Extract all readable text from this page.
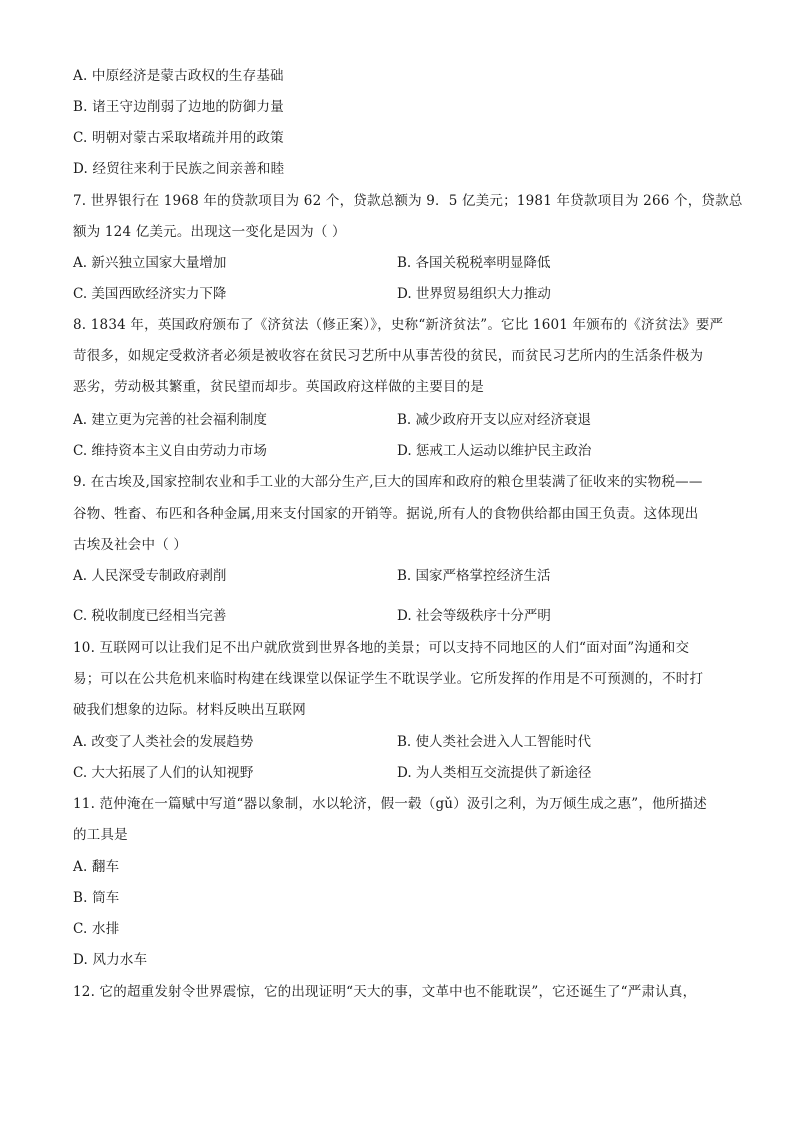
A. 中原经济是蒙古政权的生存基础
B. 诸王守边削弱了边地的防御力量
C. 明朝对蒙古采取堵疏并用的政策
D. 经贸往来利于民族之间亲善和睦
7. 世界银行在 1968 年的贷款项目为 62 个，贷款总额为 9．5 亿美元；1981 年贷款项目为 266 个，贷款总
额为 124 亿美元。出现这一变化是因为（ ）
A. 新兴独立国家大量增加	B. 各国关税税率明显降低
C. 美国西欧经济实力下降	D. 世界贸易组织大力推动
8. 1834 年，英国政府颁布了《济贫法（修正案）》，史称“新济贫法”。它比 1601 年颁布的《济贫法》要严
苛很多，如规定受救济者必须是被收容在贫民习艺所中从事苦役的贫民，而贫民习艺所内的生活条件极为
恶劣，劳动极其繁重，贫民望而却步。英国政府这样做的主要目的是
A. 建立更为完善的社会福利制度	B. 减少政府开支以应对经济衰退
C. 维持资本主义自由劳动力市场	D. 惩戒工人运动以维护民主政治
9. 在古埃及,国家控制农业和手工业的大部分生产,巨大的国库和政府的粮仓里装满了征收来的实物税——
谷物、牲畜、布匹和各种金属,用来支付国家的开销等。据说,所有人的食物供给都由国王负责。这体现出
古埃及社会中（ ）
A. 人民深受专制政府剥削	B. 国家严格掌控经济生活
C. 税收制度已经相当完善	D. 社会等级秩序十分严明
10. 互联网可以让我们足不出户就欣赏到世界各地的美景；可以支持不同地区的人们“面对面”沟通和交
易；可以在公共危机来临时构建在线课堂以保证学生不耽误学业。它所发挥的作用是不可预测的，不时打
破我们想象的边际。材料反映出互联网
A. 改变了人类社会的发展趋势	B. 使人类社会进入人工智能时代
C. 大大拓展了人们的认知视野	D. 为人类相互交流提供了新途径
11. 范仲淹在一篇赋中写道“器以象制，水以轮济，假一毂（gǔ）汲引之利，为万倾生成之惠”，他所描述
的工具是
A. 翻车
B. 筒车
C. 水排
D. 风力水车
12. 它的超重发射令世界震惊，它的出现证明“天大的事，文革中也不能耽误”，它还诞生了“严肃认真，
